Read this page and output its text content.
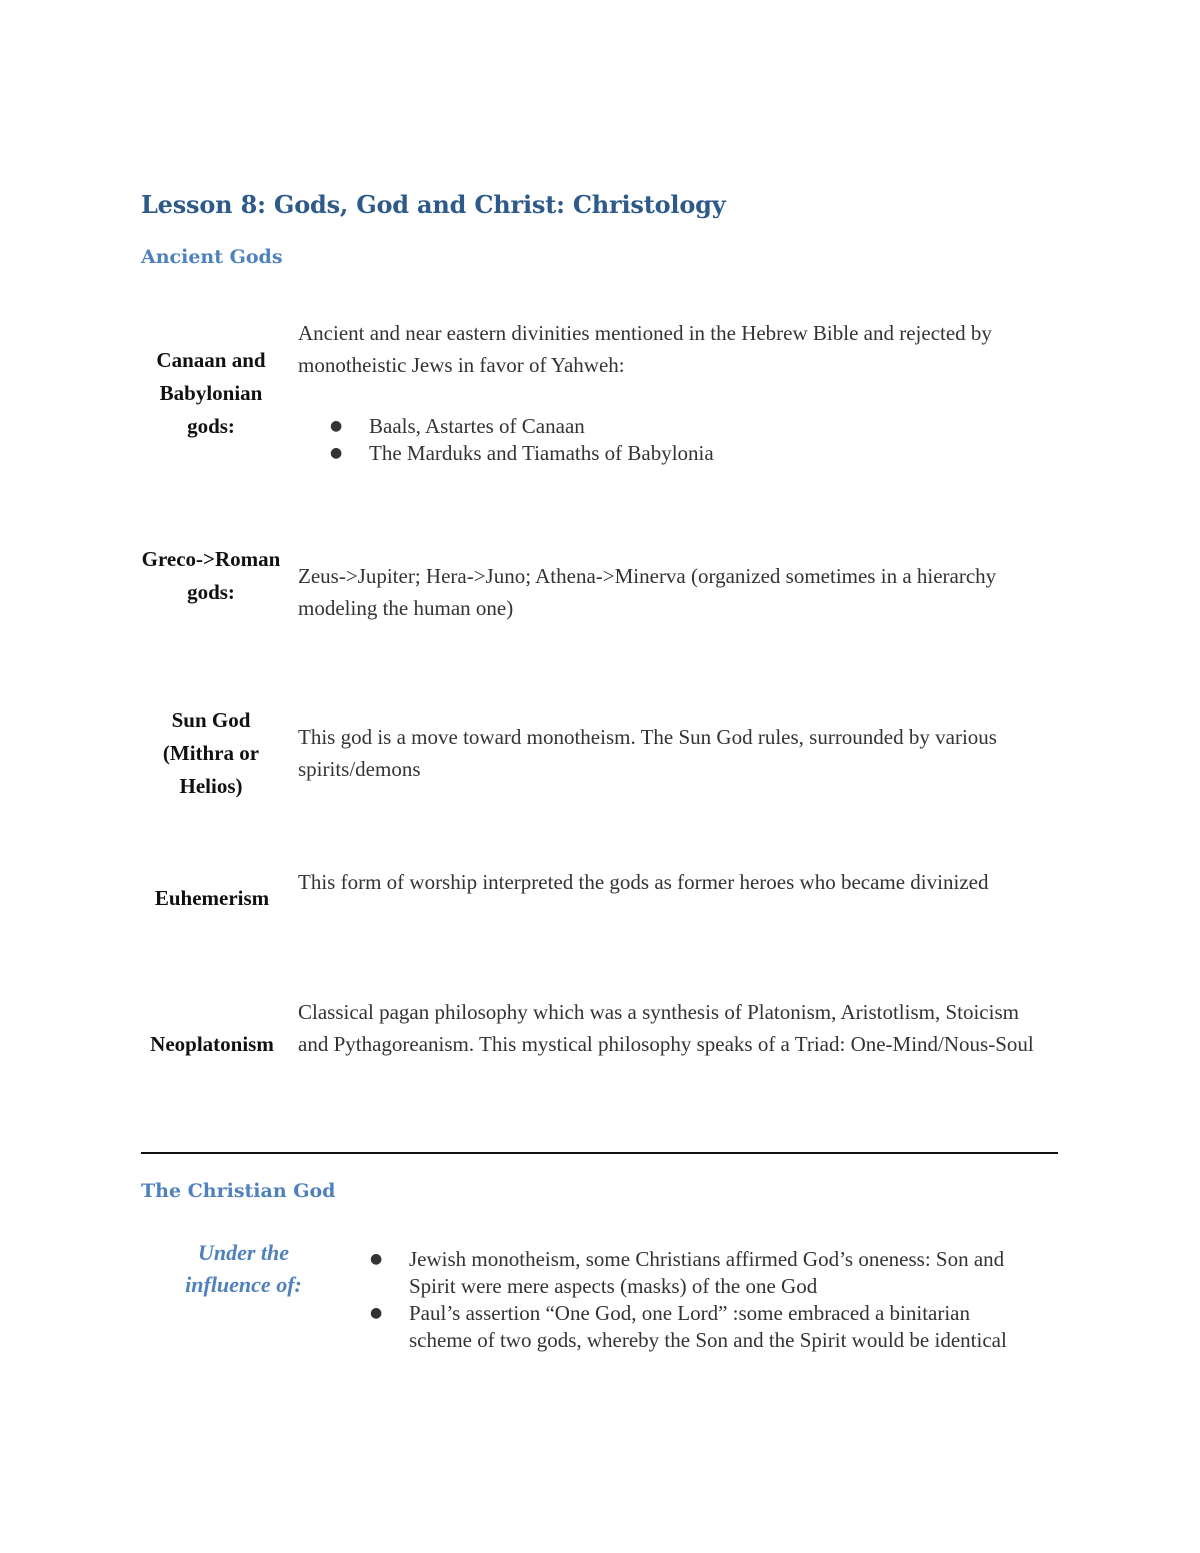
Lesson 8: Gods, God and Christ: Christology
Ancient Gods
Canaan and Babylonian gods:

Ancient and near eastern divinities mentioned in the Hebrew Bible and rejected by monotheistic Jews in favor of Yahweh:

● Baals, Astartes of Canaan
● The Marduks and Tiamaths of Babylonia
Greco->Roman gods:
Zeus->Jupiter; Hera->Juno; Athena->Minerva (organized sometimes in a hierarchy modeling the human one)
Sun God (Mithra or Helios)
This god is a move toward monotheism. The Sun God rules, surrounded by various spirits/demons
Euhemerism
This form of worship interpreted the gods as former heroes who became divinized
Neoplatonism
Classical pagan philosophy which was a synthesis of Platonism, Aristotlism, Stoicism and Pythagoreanism. This mystical philosophy speaks of a Triad: One-Mind/Nous-Soul
The Christian God
Under the influence of:
● Jewish monotheism, some Christians affirmed God’s oneness: Son and Spirit were mere aspects (masks) of the one God
● Paul’s assertion “One God, one Lord” :some embraced a binitarian scheme of two gods, whereby the Son and the Spirit would be identical
